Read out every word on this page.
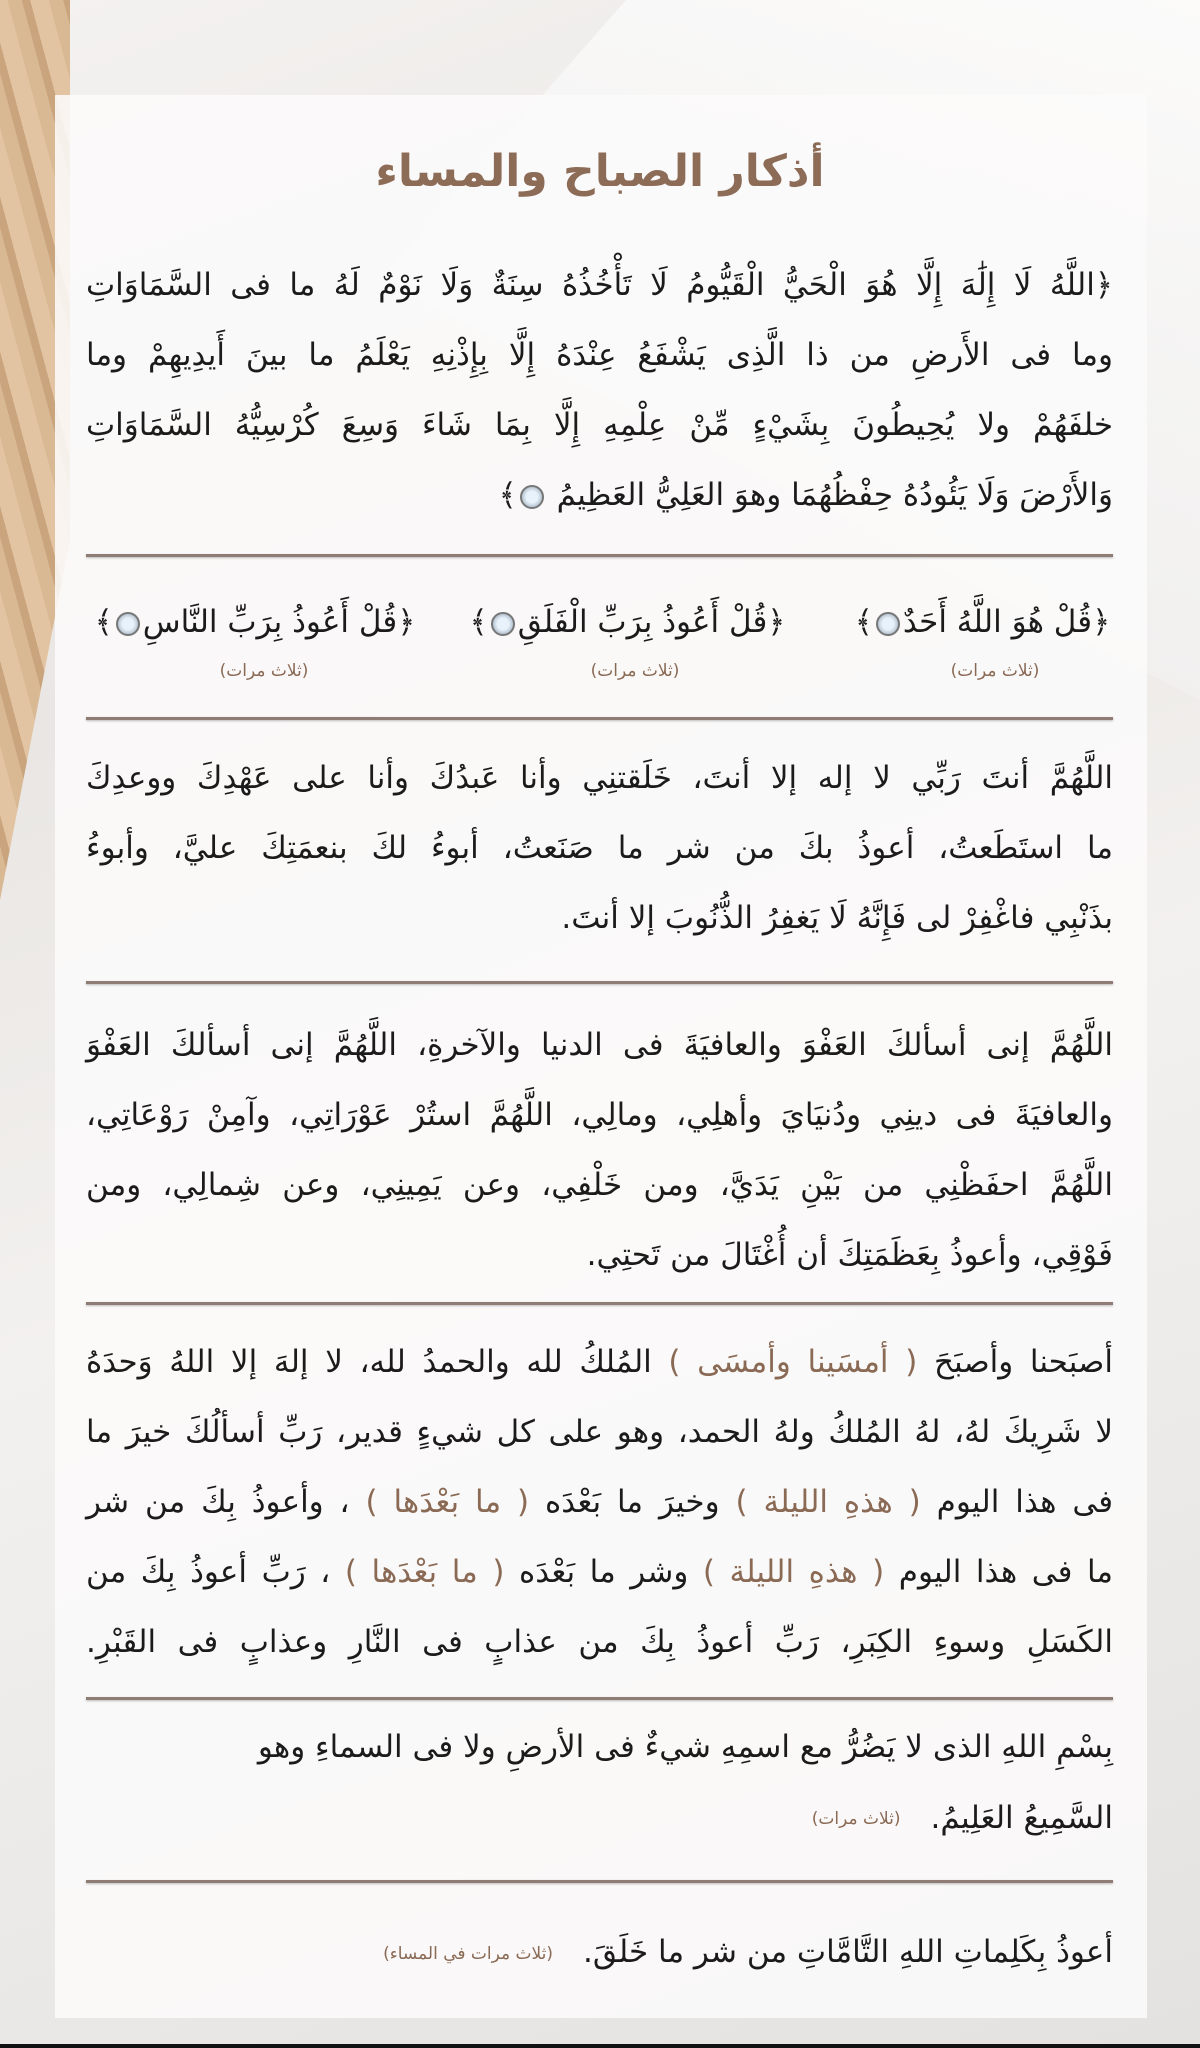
أذكار الصباح والمساء
﴿اللَّهُ لَا إِلَٰهَ إِلَّا هُوَ الْحَيُّ الْقَيُّومُ لَا تَأْخُذُهُ سِنَةٌ وَلَا نَوْمٌ لَهُ ما فى السَّمَاوَاتِ
وما فى الأَرضِ من ذا الَّذِى يَشْفَعُ عِنْدَهُ إِلَّا بِإِذْنِهِ يَعْلَمُ ما بينَ أَيدِيهِمْ وما
خلفَهُمْ ولا يُحِيطُونَ بِشَيْءٍ مِّنْ عِلْمِهِ إِلَّا بِمَا شَاءَ وَسِعَ كُرْسِيُّهُ السَّمَاوَاتِ
وَالأَرْضَ وَلَا يَئُودُهُ حِفْظُهُمَا وهوَ العَلِيُّ العَظِيمُ ﴾
﴿قُلْ هُوَ اللَّهُ أَحَدٌ﴾
﴿قُلْ أَعُوذُ بِرَبِّ الْفَلَقِ﴾
﴿قُلْ أَعُوذُ بِرَبِّ النَّاسِ﴾
(ثلاث مرات)
(ثلاث مرات)
(ثلاث مرات)
اللَّهُمَّ أنتَ رَبِّي لا إله إلا أنتَ، خَلَقتنِي وأنا عَبدُكَ وأنا على عَهْدِكَ ووعدِكَ
ما استَطَعتُ، أعوذُ بكَ من شر ما صَنَعتُ، أبوءُ لكَ بنعمَتِكَ عليَّ، وأبوءُ
بذَنْبِي فاغْفِرْ لى فَإِنَّهُ لَا يَغفِرُ الذُّنُوبَ إلا أنتَ.
اللَّهُمَّ إنى أسألكَ العَفْوَ والعافيَةَ فى الدنيا والآخرةِ، اللَّهُمَّ إنى أسألكَ العَفْوَ
والعافيَةَ فى دينِي ودُنيَايَ وأهلِي، ومالِي، اللَّهُمَّ استُرْ عَوْرَاتِي، وآمِنْ رَوْعَاتِي،
اللَّهُمَّ احفَظْنِي من بَيْنِ يَدَيَّ، ومن خَلْفِي، وعن يَمِينِي، وعن شِمالِي، ومن
فَوْقِي، وأعوذُ بِعَظَمَتِكَ أن أُغْتَالَ من تَحتِي.
أصبَحنا وأصبَحَ ( أمسَينا وأمسَى ) المُلكُ لله والحمدُ لله، لا إلهَ إلا اللهُ وَحدَهُ
لا شَرِيكَ لهُ، لهُ المُلكُ ولهُ الحمد، وهو على كل شيءٍ قدير، رَبِّ أسألُكَ خيرَ ما
فى هذا اليوم ( هذهِ الليلة ) وخيرَ ما بَعْدَه ( ما بَعْدَها ) ، وأعوذُ بِكَ من شر
ما فى هذا اليوم ( هذهِ الليلة ) وشر ما بَعْدَه ( ما بَعْدَها ) ، رَبِّ أعوذُ بِكَ من
الكَسَلِ وسوءِ الكِبَرِ، رَبِّ أعوذُ بِكَ من عذابٍ فى النَّارِ وعذابٍ فى القَبْرِ.
بِسْمِ اللهِ الذى لا يَضُرُّ مع اسمِهِ شيءٌ فى الأرضِ ولا فى السماءِ وهو
السَّمِيعُ العَلِيمُ.(ثلاث مرات)
أعوذُ بِكَلِماتِ اللهِ التَّامَّاتِ من شر ما خَلَقَ.(ثلاث مرات في المساء)
